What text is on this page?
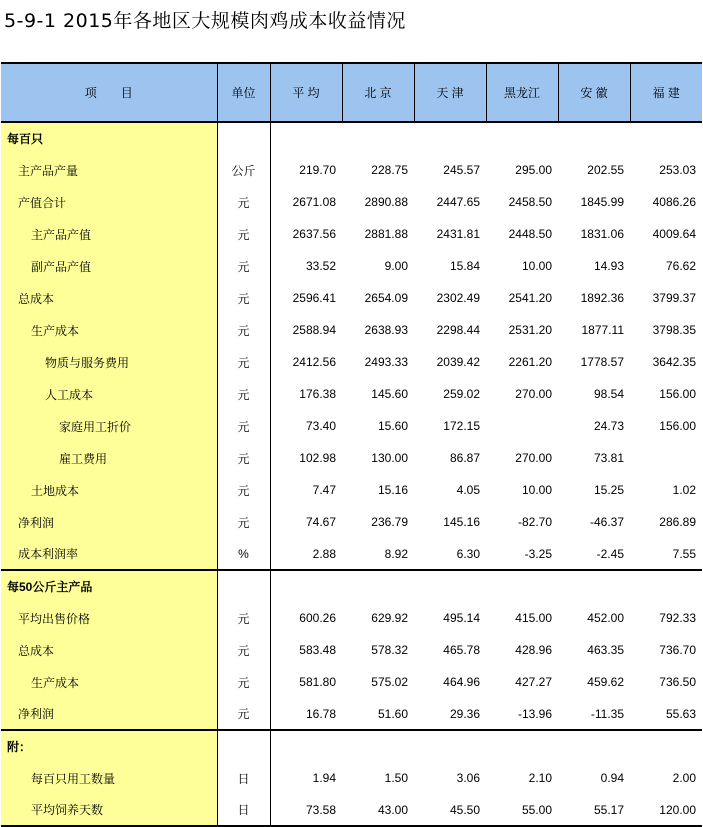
5-9-1 2015年各地区大规模肉鸡成本收益情况
项　　目	单位	平 均	北 京	天 津	黑龙江	安 徽	福 建
每百只							
主产品产量	公斤	219.70	228.75	245.57	295.00	202.55	253.03
产值合计	元	2671.08	2890.88	2447.65	2458.50	1845.99	4086.26
主产品产值	元	2637.56	2881.88	2431.81	2448.50	1831.06	4009.64
副产品产值	元	33.52	9.00	15.84	10.00	14.93	76.62
总成本	元	2596.41	2654.09	2302.49	2541.20	1892.36	3799.37
生产成本	元	2588.94	2638.93	2298.44	2531.20	1877.11	3798.35
物质与服务费用	元	2412.56	2493.33	2039.42	2261.20	1778.57	3642.35
人工成本	元	176.38	145.60	259.02	270.00	98.54	156.00
家庭用工折价	元	73.40	15.60	172.15		24.73	156.00
雇工费用	元	102.98	130.00	86.87	270.00	73.81	
土地成本	元	7.47	15.16	4.05	10.00	15.25	1.02
净利润	元	74.67	236.79	145.16	-82.70	-46.37	286.89
成本利润率	%	2.88	8.92	6.30	-3.25	-2.45	7.55
每50公斤主产品							
平均出售价格	元	600.26	629.92	495.14	415.00	452.00	792.33
总成本	元	583.48	578.32	465.78	428.96	463.35	736.70
生产成本	元	581.80	575.02	464.96	427.27	459.62	736.50
净利润	元	16.78	51.60	29.36	-13.96	-11.35	55.63
附：							
每百只用工数量	日	1.94	1.50	3.06	2.10	0.94	2.00
平均饲养天数	日	73.58	43.00	45.50	55.00	55.17	120.00
